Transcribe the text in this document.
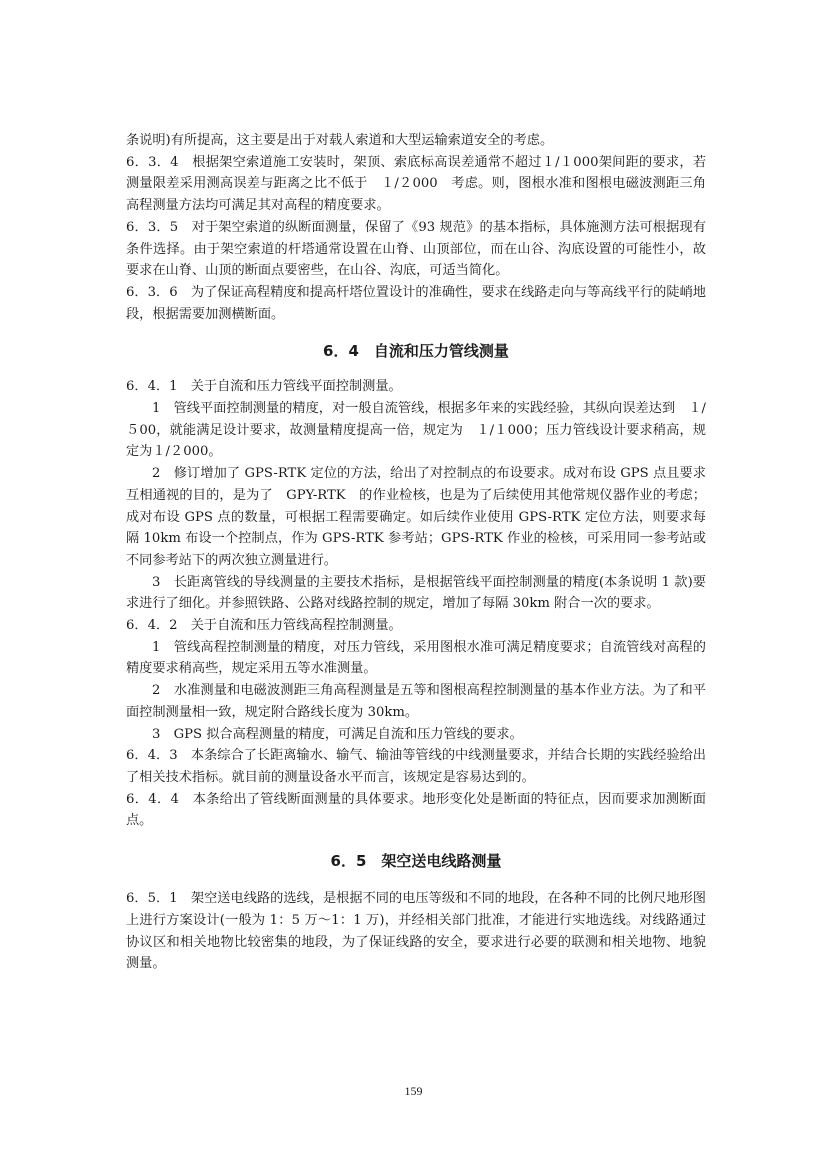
条说明)有所提高，这主要是出于对载人索道和大型运输索道安全的考虑。

6．3．4　根据架空索道施工安装时，架顶、索底标高误差通常不超过１/１000架间距的要求，若测量限差采用测高误差与距离之比不低于　１/２000　考虑。则，图根水准和图根电磁波测距三角高程测量方法均可满足其对高程的精度要求。

6．3．5　对于架空索道的纵断面测量，保留了《93 规范》的基本指标，具体施测方法可根据现有条件选择。由于架空索道的杆塔通常设置在山脊、山顶部位，而在山谷、沟底设置的可能性小，故要求在山脊、山顶的断面点要密些，在山谷、沟底，可适当简化。

6．3．6　为了保证高程精度和提高杆塔位置设计的准确性，要求在线路走向与等高线平行的陡峭地段，根据需要加测横断面。

6．4　自流和压力管线测量

6．4．1　关于自流和压力管线平面控制测量。

1　管线平面控制测量的精度，对一般自流管线，根据多年来的实践经验，其纵向误差达到　１/５00，就能满足设计要求，故测量精度提高一倍，规定为　１/１000；压力管线设计要求稍高，规定为１/２000。

2　修订增加了 GPS-RTK 定位的方法，给出了对控制点的布设要求。成对布设 GPS 点且要求互相通视的目的，是为了　GPY-RTK　的作业检核，也是为了后续使用其他常规仪器作业的考虑；成对布设 GPS 点的数量，可根据工程需要确定。如后续作业使用 GPS-RTK 定位方法，则要求每隔 10km 布设一个控制点，作为 GPS-RTK 参考站；GPS-RTK 作业的检核，可采用同一参考站或不同参考站下的两次独立测量进行。

3　长距离管线的导线测量的主要技术指标，是根据管线平面控制测量的精度(本条说明 1 款)要求进行了细化。并参照铁路、公路对线路控制的规定，增加了每隔 30km 附合一次的要求。

6．4．2　关于自流和压力管线高程控制测量。

1　管线高程控制测量的精度，对压力管线，采用图根水准可满足精度要求；自流管线对高程的精度要求稍高些，规定采用五等水准测量。

2　水准测量和电磁波测距三角高程测量是五等和图根高程控制测量的基本作业方法。为了和平面控制测量相一致，规定附合路线长度为 30km。

3　GPS 拟合高程测量的精度，可满足自流和压力管线的要求。

6．4．3　本条综合了长距离输水、输气、输油等管线的中线测量要求，并结合长期的实践经验给出了相关技术指标。就目前的测量设备水平而言，该规定是容易达到的。

6．4．4　本条给出了管线断面测量的具体要求。地形变化处是断面的特征点，因而要求加测断面点。

6．5　架空送电线路测量

6．5．1　架空送电线路的选线，是根据不同的电压等级和不同的地段，在各种不同的比例尺地形图上进行方案设计(一般为 1：5 万～1：1 万)，并经相关部门批准，才能进行实地选线。对线路通过协议区和相关地物比较密集的地段，为了保证线路的安全，要求进行必要的联测和相关地物、地貌测量。

159
